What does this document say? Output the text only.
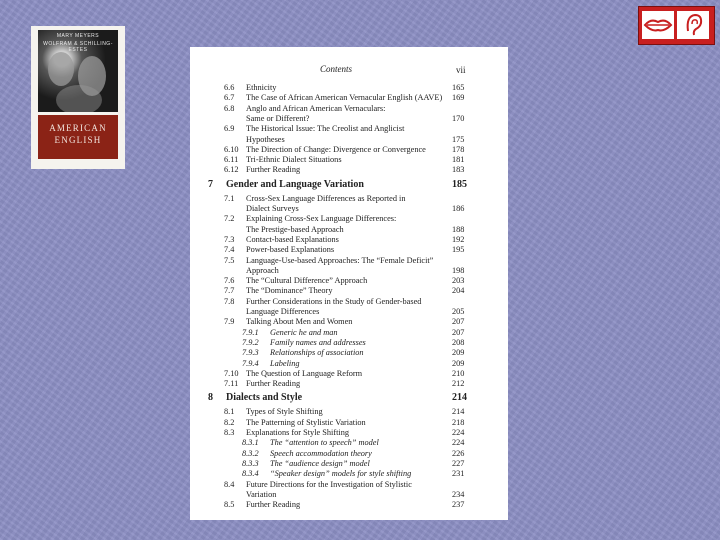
MARY MEYERS
WOLFRAM & SCHILLING-ESTES
AMERICAN
ENGLISH
Contents	vii
6.6 Ethnicity	165
6.7 The Case of African American Vernacular English (AAVE) 169
6.8 Anglo and African American Vernaculars:
Same or Different?	170
6.9 The Historical Issue: The Creolist and Anglicist
Hypotheses	175
6.10 The Direction of Change: Divergence or Convergence	178
6.11 Tri-Ethnic Dialect Situations	181
6.12 Further Reading	183
7 Gender and Language Variation	185
7.1 Cross-Sex Language Differences as Reported in
Dialect Surveys	186
7.2 Explaining Cross-Sex Language Differences:
The Prestige-based Approach	188
7.3 Contact-based Explanations	192
7.4 Power-based Explanations	195
7.5 Language-Use-based Approaches: The “Female Deficit”
Approach	198
7.6 The “Cultural Difference” Approach	203
7.7 The “Dominance” Theory	204
7.8 Further Considerations in the Study of Gender-based
Language Differences	205
7.9 Talking About Men and Women	207
7.9.1 Generic he and man	207
7.9.2 Family names and addresses	208
7.9.3 Relationships of association	209
7.9.4 Labeling	209
7.10 The Question of Language Reform	210
7.11 Further Reading	212
8 Dialects and Style	214
8.1 Types of Style Shifting	214
8.2 The Patterning of Stylistic Variation	218
8.3 Explanations for Style Shifting	224
8.3.1 The “attention to speech” model	224
8.3.2 Speech accommodation theory	226
8.3.3 The “audience design” model	227
8.3.4 “Speaker design” models for style shifting	231
8.4 Future Directions for the Investigation of Stylistic
Variation	234
8.5 Further Reading	237
